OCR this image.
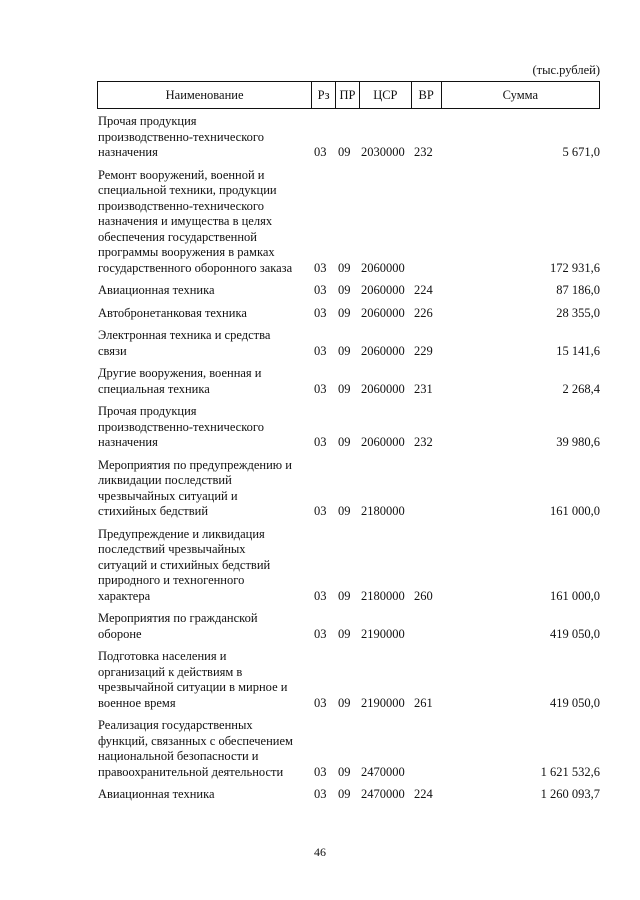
(тыс.рублей)
Наименование	Рз ПР	ЦСР	ВР	Сумма
Прочая продукция
производственно-технического
назначения	03 09 2030000 232	5 671,0
Ремонт вооружений, военной и
специальной техники, продукции
производственно-технического
назначения и имущества в целях
обеспечения государственной
программы вооружения в рамках
государственного оборонного заказа	03 09 2060000	172 931,6
Авиационная техника	03 09 2060000 224	87 186,0
Автобронетанковая техника	03 09 2060000 226	28 355,0
Электронная техника и средства
связи	03 09 2060000 229	15 141,6
Другие вооружения, военная и
специальная техника	03 09 2060000 231	2 268,4
Прочая продукция
производственно-технического
назначения	03 09 2060000 232	39 980,6
Мероприятия по предупреждению и
ликвидации последствий
чрезвычайных ситуаций и
стихийных бедствий	03 09 2180000	161 000,0
Предупреждение и ликвидация
последствий чрезвычайных
ситуаций и стихийных бедствий
природного и техногенного
характера	03 09 2180000 260	161 000,0
Мероприятия по гражданской
обороне	03 09 2190000	419 050,0
Подготовка населения и
организаций к действиям в
чрезвычайной ситуации в мирное и
военное время	03 09 2190000 261	419 050,0
Реализация государственных
функций, связанных с обеспечением
национальной безопасности и
правоохранительной деятельности	03 09 2470000	1 621 532,6
Авиационная техника	03 09 2470000 224	1 260 093,7
46
